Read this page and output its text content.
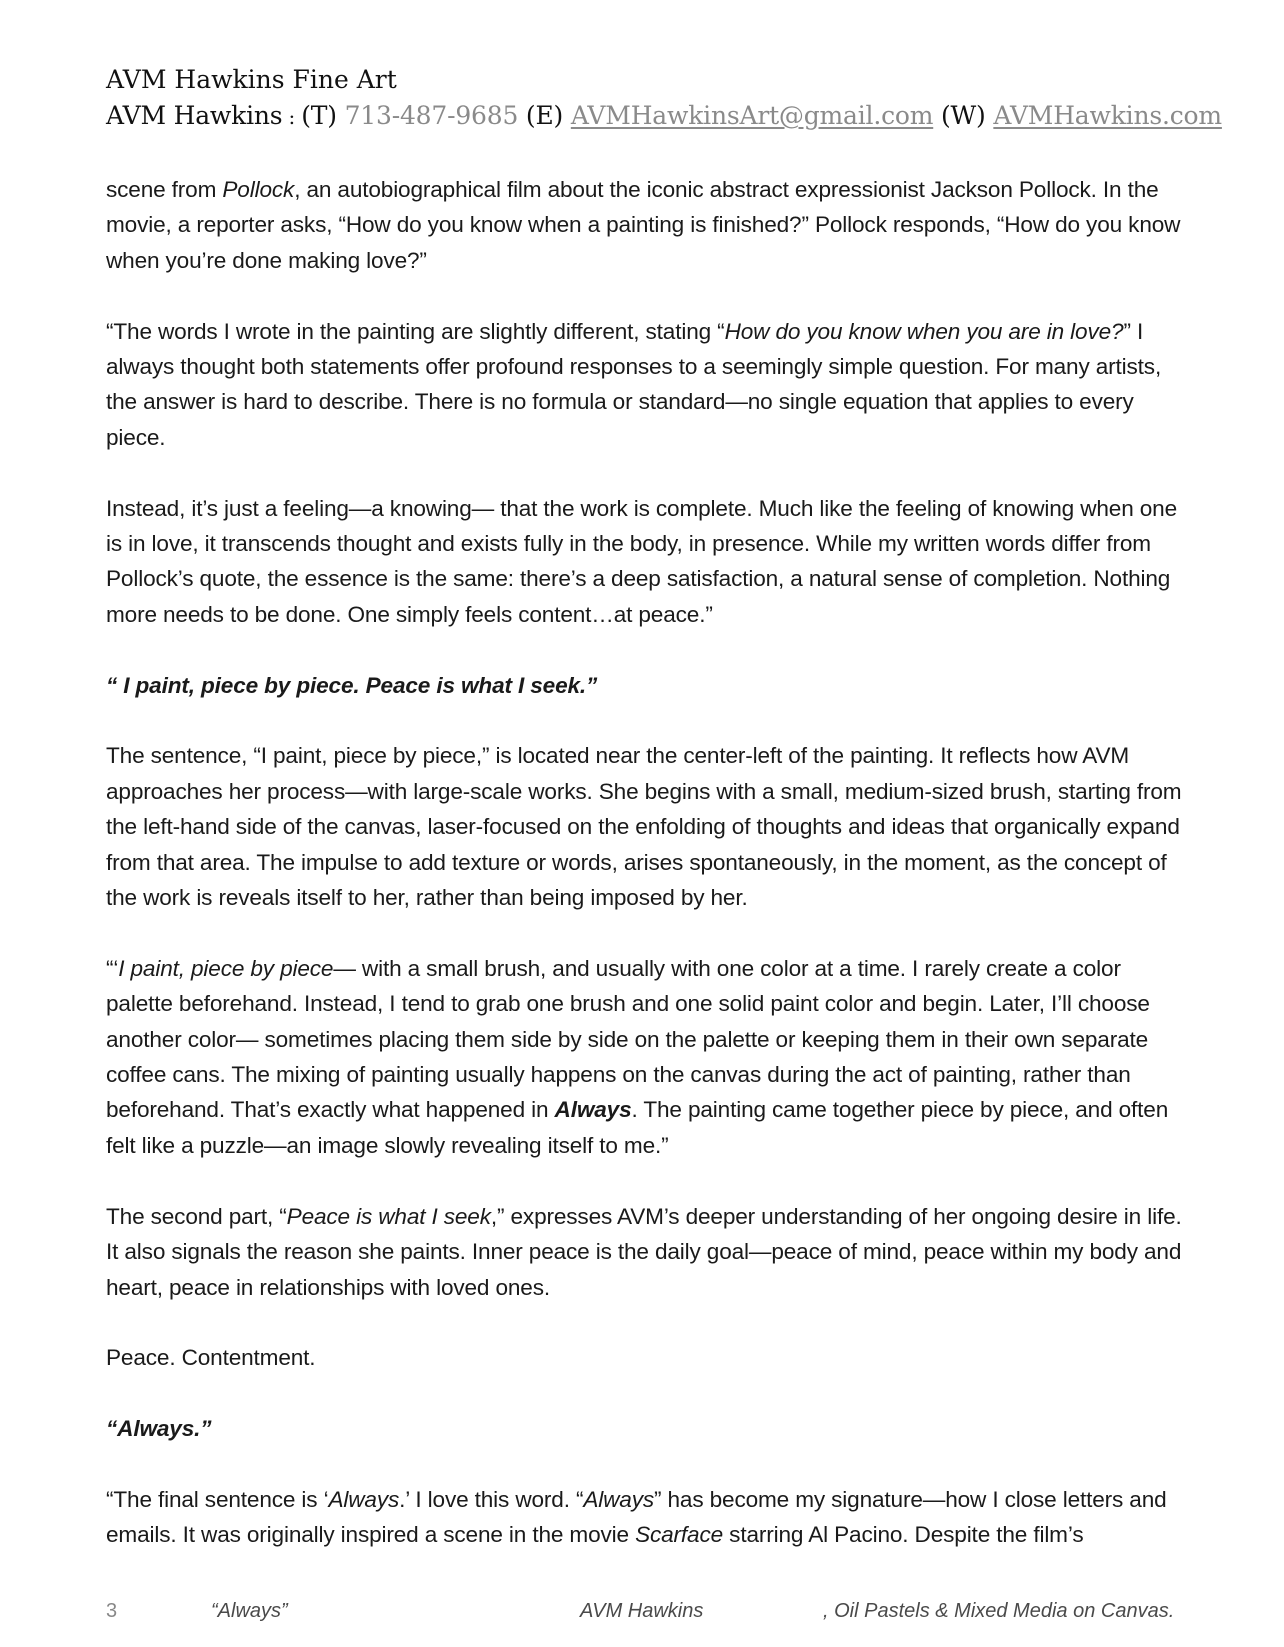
AVM Hawkins Fine Art
AVM Hawkins : (T) 713-487-9685 (E) AVMHawkinsArt@gmail.com (W) AVMHawkins.com

scene from Pollock, an autobiographical film about the iconic abstract expressionist Jackson Pollock. In the movie, a reporter asks, “How do you know when a painting is finished?” Pollock responds, “How do you know when you’re done making love?”

“The words I wrote in the painting are slightly different, stating “How do you know when you are in love?” I always thought both statements offer profound responses to a seemingly simple question. For many artists, the answer is hard to describe. There is no formula or standard—no single equation that applies to every piece.

Instead, it’s just a feeling—a knowing— that the work is complete. Much like the feeling of knowing when one is in love, it transcends thought and exists fully in the body, in presence. While my written words differ from Pollock’s quote, the essence is the same: there’s a deep satisfaction, a natural sense of completion. Nothing more needs to be done. One simply feels content…at peace.”

“ I paint, piece by piece. Peace is what I seek.”

The sentence, “I paint, piece by piece,” is located near the center-left of the painting. It reflects how AVM approaches her process—with large-scale works. She begins with a small, medium-sized brush, starting from the left-hand side of the canvas, laser-focused on the enfolding of thoughts and ideas that organically expand from that area. The impulse to add texture or words, arises spontaneously, in the moment, as the concept of the work is reveals itself to her, rather than being imposed by her.

“‘I paint, piece by piece— with a small brush, and usually with one color at a time. I rarely create a color palette beforehand. Instead, I tend to grab one brush and one solid paint color and begin. Later, I’ll choose another color— sometimes placing them side by side on the palette or keeping them in their own separate coffee cans. The mixing of painting usually happens on the canvas during the act of painting, rather than beforehand. That’s exactly what happened in Always. The painting came together piece by piece, and often felt like a puzzle—an image slowly revealing itself to me.”

The second part, “Peace is what I seek,” expresses AVM’s deeper understanding of her ongoing desire in life. It also signals the reason she paints. Inner peace is the daily goal—peace of mind, peace within my body and heart, peace in relationships with loved ones.

Peace. Contentment.

“Always.”

“The final sentence is ‘Always.’ I love this word. “Always” has become my signature—how I close letters and emails. It was originally inspired a scene in the movie Scarface starring Al Pacino. Despite the film’s

3	“Always”	AVM Hawkins	, Oil Pastels & Mixed Media on Canvas.
